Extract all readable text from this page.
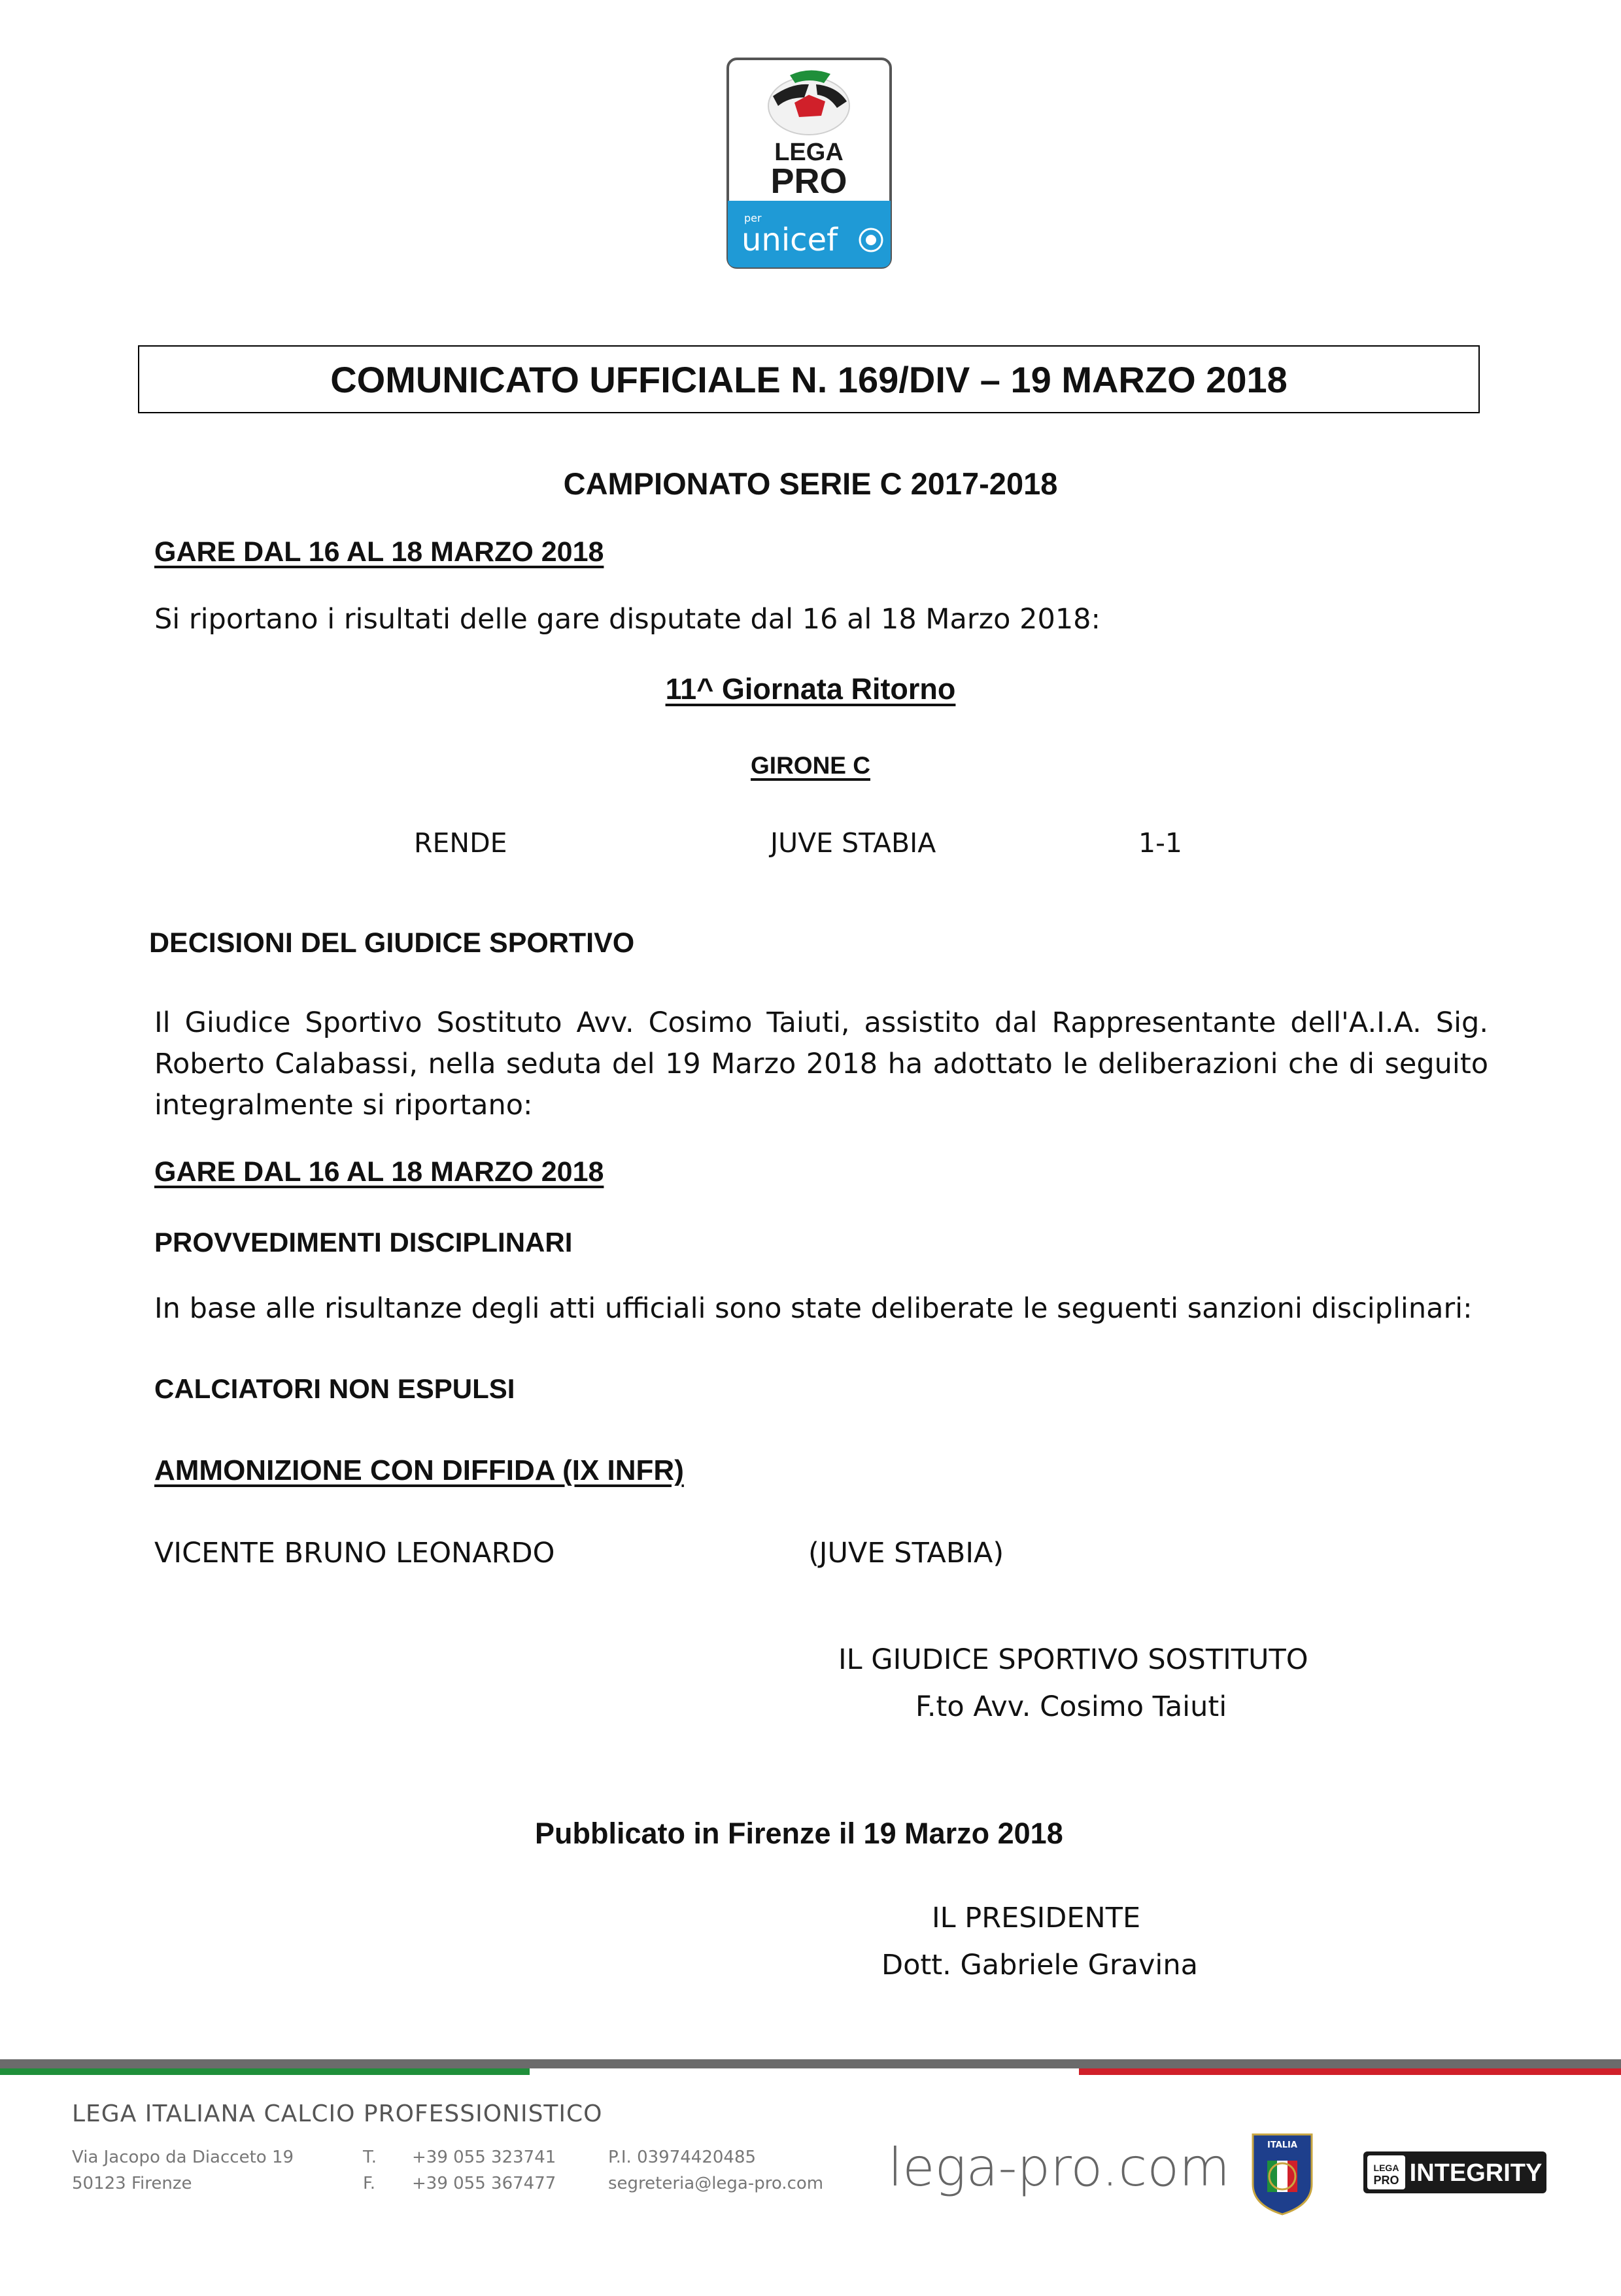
LEGA
PRO
per
unicef
COMUNICATO UFFICIALE N. 169/DIV – 19 MARZO 2018
CAMPIONATO SERIE C 2017-2018
GARE DAL 16 AL 18 MARZO 2018
Si riportano i risultati delle gare disputate dal 16 al 18 Marzo 2018:
11^ Giornata Ritorno
GIRONE C
RENDE	JUVE STABIA	1-1
DECISIONI DEL GIUDICE SPORTIVO
Il Giudice Sportivo Sostituto Avv. Cosimo Taiuti, assistito dal Rappresentante dell'A.I.A. Sig. Roberto Calabassi, nella seduta del 19 Marzo 2018 ha adottato le deliberazioni che di seguito integralmente si riportano:
GARE DAL 16 AL 18 MARZO 2018
PROVVEDIMENTI DISCIPLINARI
In base alle risultanze degli atti ufficiali sono state deliberate le seguenti sanzioni disciplinari:
CALCIATORI NON ESPULSI
AMMONIZIONE CON DIFFIDA (IX INFR)
VICENTE BRUNO LEONARDO	(JUVE STABIA)
IL GIUDICE SPORTIVO SOSTITUTO
F.to Avv. Cosimo Taiuti
Pubblicato in Firenze il 19 Marzo 2018
IL PRESIDENTE
Dott. Gabriele Gravina
LEGA ITALIANA CALCIO PROFESSIONISTICO
Via Jacopo da Diacceto 19
50123 Firenze
T. +39 055 323741
F. +39 055 367477
P.I. 03974420485
segreteria@lega-pro.com lega-pro.com	ITALIA
LEGA
PRO INTEGRITY
